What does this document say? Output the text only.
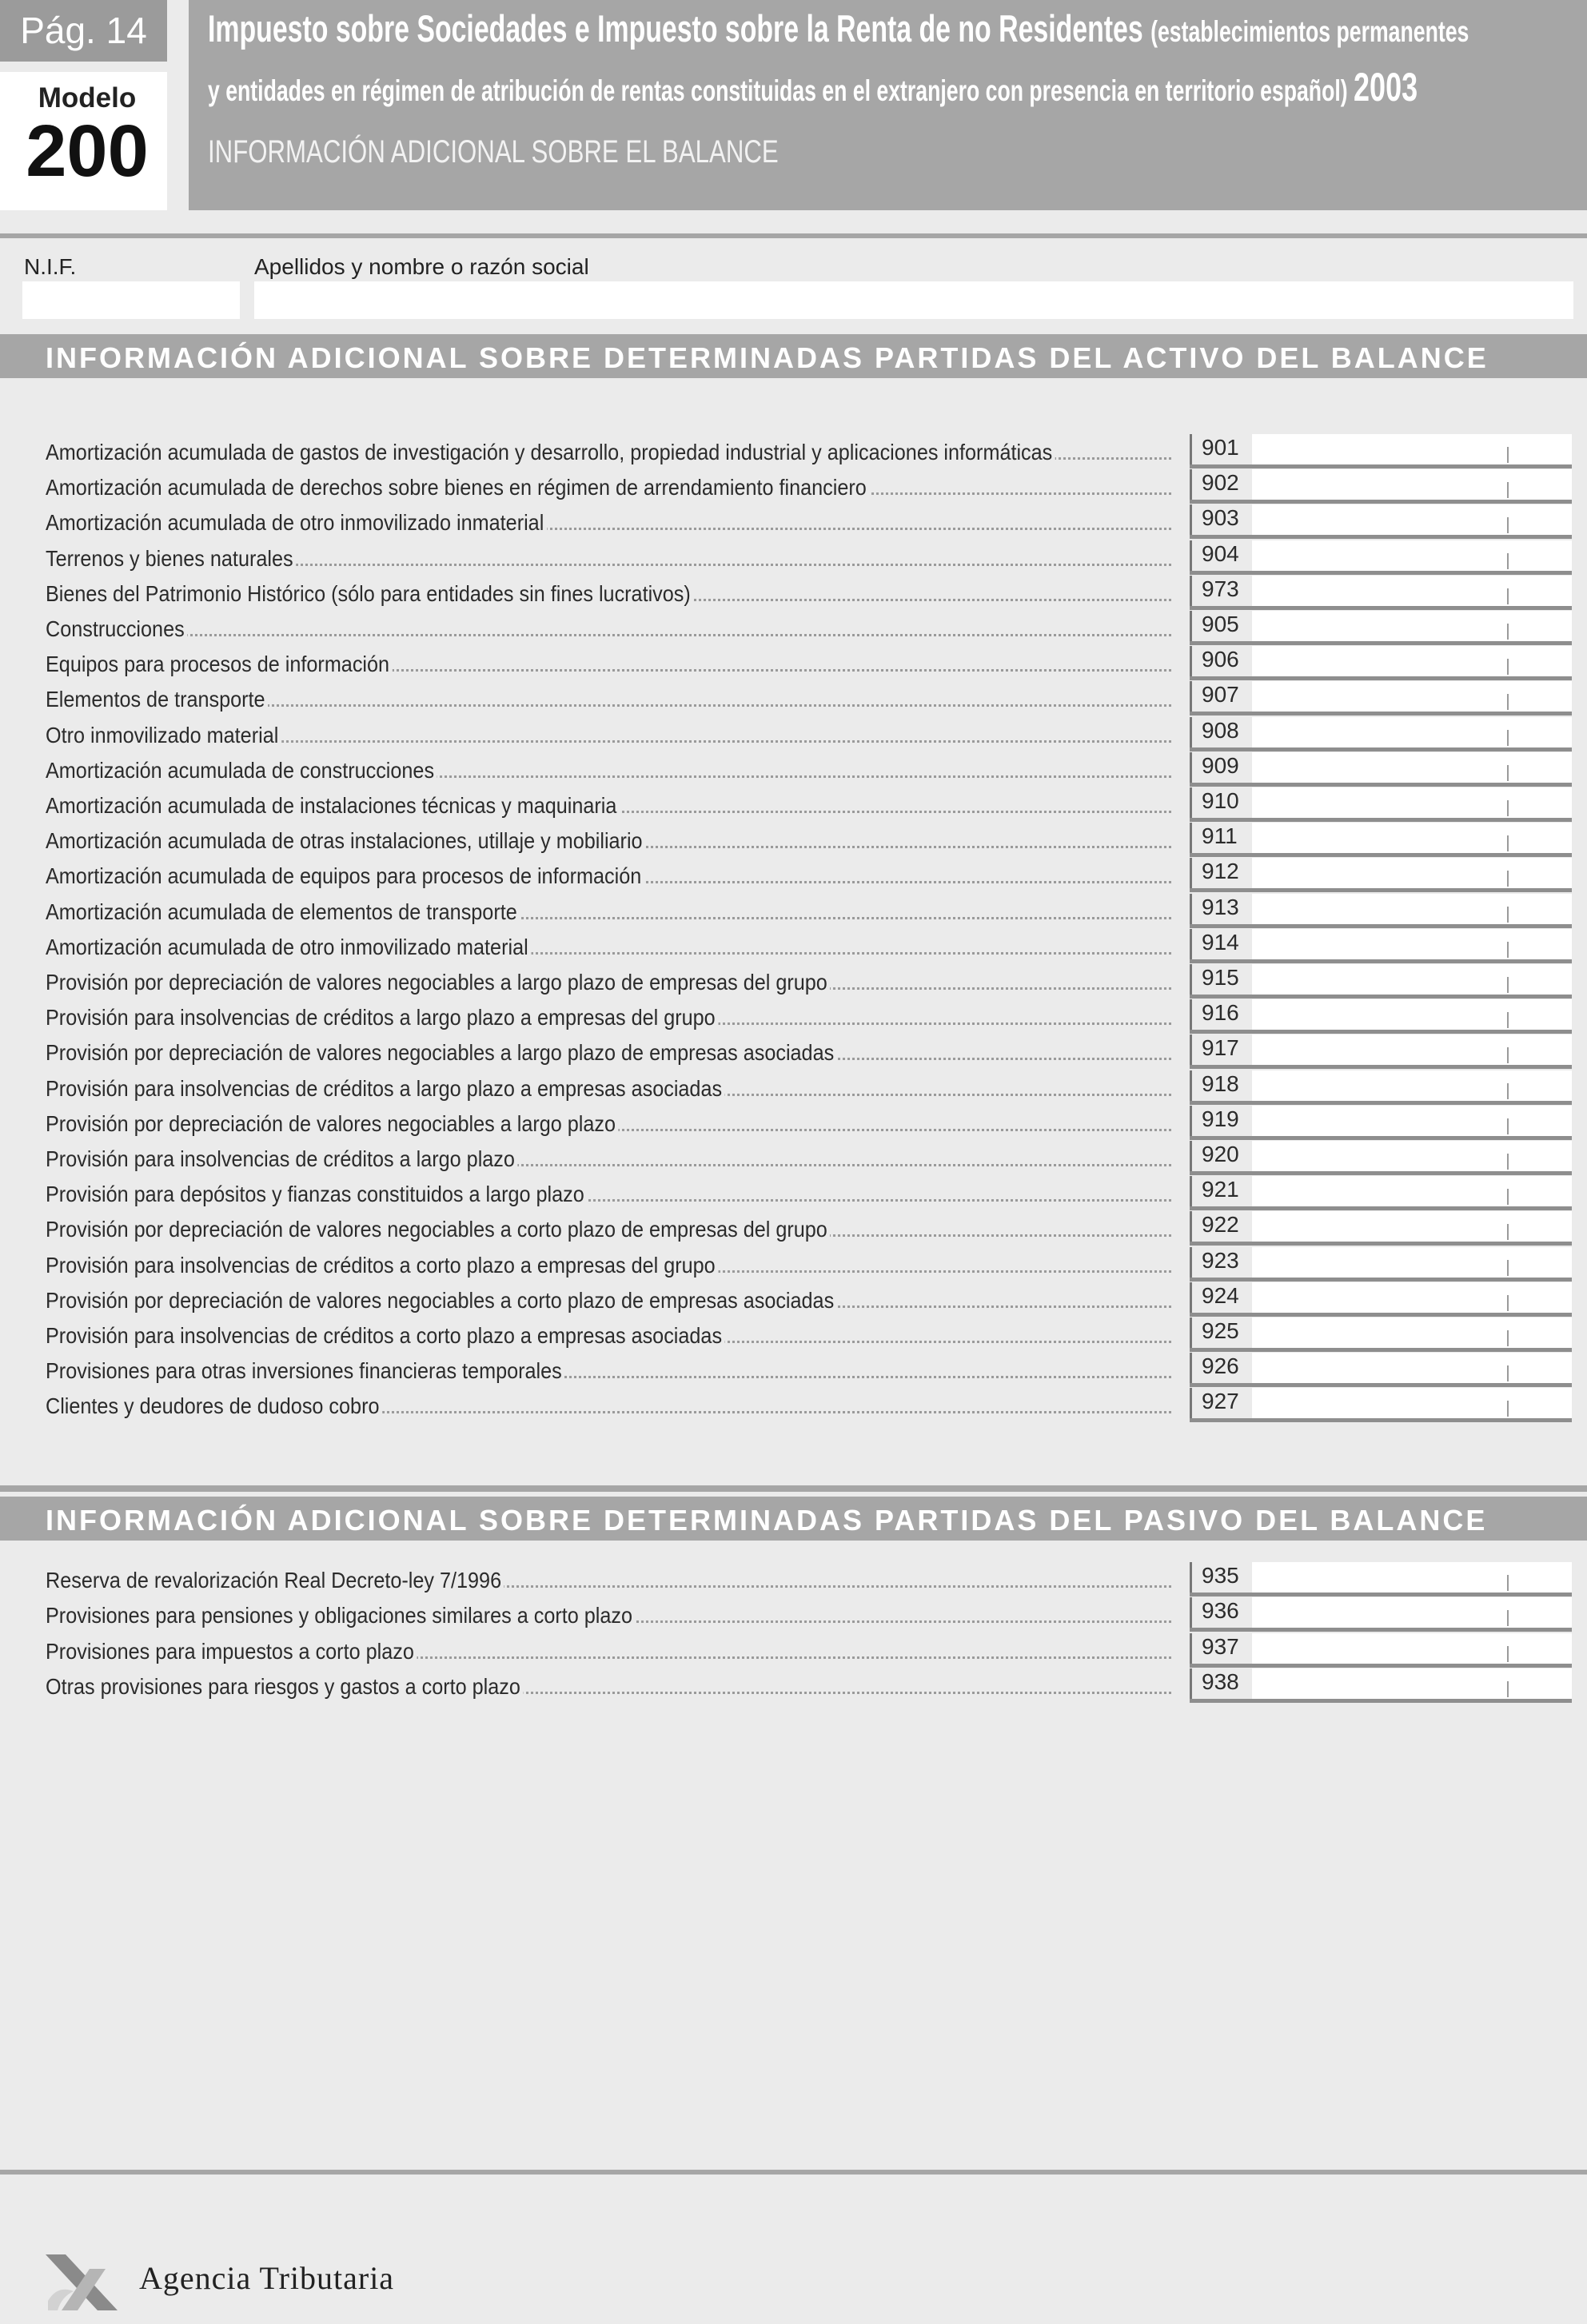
Pág. 14
Modelo
200
Impuesto sobre Sociedades e Impuesto sobre la Renta de no Residentes (establecimientos permanentes
y entidades en régimen de atribución de rentas constituidas en el extranjero con presencia en territorio español) 2003
INFORMACIÓN ADICIONAL SOBRE EL BALANCE
N.I.F.	Apellidos y nombre o razón social
INFORMACIÓN ADICIONAL SOBRE DETERMINADAS PARTIDAS DEL ACTIVO DEL BALANCE
Amortización acumulada de gastos de investigación y desarrollo, propiedad industrial y aplicaciones informáticas	901
Amortización acumulada de derechos sobre bienes en régimen de arrendamiento financiero	902
Amortización acumulada de otro inmovilizado inmaterial	903
Terrenos y bienes naturales	904
Bienes del Patrimonio Histórico (sólo para entidades sin fines lucrativos)	973
Construcciones	905
Equipos para procesos de información	906
Elementos de transporte	907
Otro inmovilizado material	908
Amortización acumulada de construcciones	909
Amortización acumulada de instalaciones técnicas y maquinaria	910
Amortización acumulada de otras instalaciones, utillaje y mobiliario	911
Amortización acumulada de equipos para procesos de información	912
Amortización acumulada de elementos de transporte	913
Amortización acumulada de otro inmovilizado material	914
Provisión por depreciación de valores negociables a largo plazo de empresas del grupo	915
Provisión para insolvencias de créditos a largo plazo a empresas del grupo	916
Provisión por depreciación de valores negociables a largo plazo de empresas asociadas	917
Provisión para insolvencias de créditos a largo plazo a empresas asociadas	918
Provisión por depreciación de valores negociables a largo plazo	919
Provisión para insolvencias de créditos a largo plazo	920
Provisión para depósitos y fianzas constituidos a largo plazo	921
Provisión por depreciación de valores negociables a corto plazo de empresas del grupo	922
Provisión para insolvencias de créditos a corto plazo a empresas del grupo	923
Provisión por depreciación de valores negociables a corto plazo de empresas asociadas	924
Provisión para insolvencias de créditos a corto plazo a empresas asociadas	925
Provisiones para otras inversiones financieras temporales	926
Clientes y deudores de dudoso cobro	927
INFORMACIÓN ADICIONAL SOBRE DETERMINADAS PARTIDAS DEL PASIVO DEL BALANCE
Reserva de revalorización Real Decreto-ley 7/1996	935
Provisiones para pensiones y obligaciones similares a corto plazo	936
Provisiones para impuestos a corto plazo	937
Otras provisiones para riesgos y gastos a corto plazo	938
Agencia Tributaria
